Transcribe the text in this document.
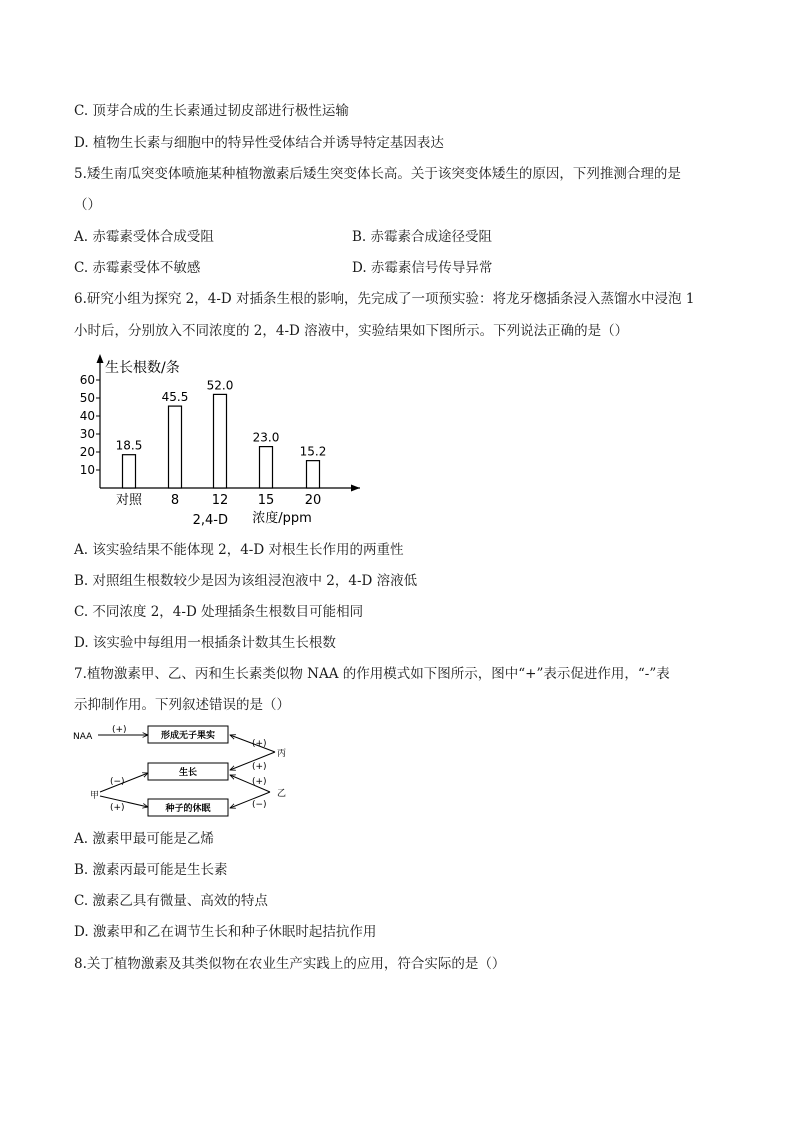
C. 顶芽合成的生长素通过韧皮部进行极性运输
D. 植物生长素与细胞中的特异性受体结合并诱导特定基因表达
5.矮生南瓜突变体喷施某种植物激素后矮生突变体长高。关于该突变体矮生的原因，下列推测合理的是
（）
A. 赤霉素受体合成受阻	B. 赤霉素合成途径受阻
C. 赤霉素受体不敏感	D. 赤霉素信号传导异常
6.研究小组为探究 2，4-D 对插条生根的影响，先完成了一项预实验：将龙牙楤插条浸入蒸馏水中浸泡 1
小时后，分别放入不同浓度的 2，4-D 溶液中，实验结果如下图所示。下列说法正确的是（）
10
20
30
40
50
60
生长根数/条
18.5
对照
45.5
8
52.0
12
23.0
15
15.2
20
2,4-D 浓度/ppm
A. 该实验结果不能体现 2，4-D 对根生长作用的两重性
B. 对照组生根数较少是因为该组浸泡液中 2，4-D 溶液低
C. 不同浓度 2，4-D 处理插条生根数目可能相同
D. 该实验中每组用一根插条计数其生长根数
7.植物激素甲、乙、丙和生长素类似物 NAA 的作用模式如下图所示，图中“+”表示促进作用，“-”表
示抑制作用。下列叙述错误的是（）
形成无子果实
生长
种子的休眠
NAA
甲	乙
丙
(+)
(−)
(+)
(+)
(+)
(+)
(−)
A. 激素甲最可能是乙烯
B. 激素丙最可能是生长素
C. 激素乙具有微量、高效的特点
D. 激素甲和乙在调节生长和种子休眠时起拮抗作用
8.关丁植物激素及其类似物在农业生产实践上的应用，符合实际的是（）
